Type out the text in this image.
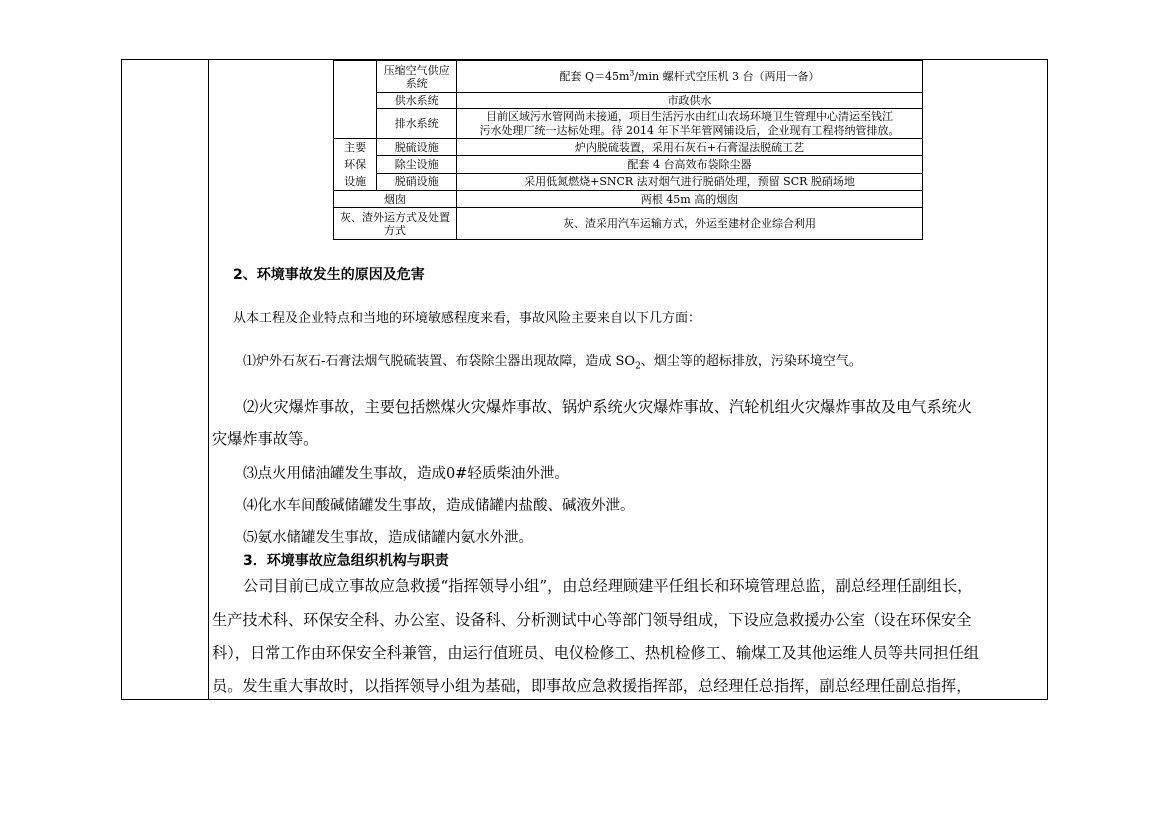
	压缩空气供应系统	配套 $Q=45m^3/\min$ 螺杆式空压机 3 台（两用一备）
	供水系统	市政供水
	排水系统	目前区域污水管网尚未接通，项目生活污水由红山农场环境卫生管理中心清运至钱江
污水处理厂统一达标处理。待 2014 年下半年管网铺设后，企业现有工程将纳管排放。

主要环保设施	脱硫设施	炉内脱硫装置，采用石灰石+石膏湿法脱硫工艺
	除尘设施	配套 4 台高效布袋除尘器
	脱硝设施	采用低氮燃烧+SNCR 法对烟气进行脱硝处理，预留 SCR 脱硝场地
烟囱		两根 45m 高的烟囱
灰、渣外运方式及处置方式		灰、渣采用汽车运输方式，外运至建材企业综合利用
2、环境事故发生的原因及危害
从本工程及企业特点和当地的环境敏感程度来看，事故风险主要来自以下几方面：
⑴炉外石灰石-石膏法烟气脱硫装置、布袋除尘器出现故障，造成 $SO_2$、烟尘等的超标排放，污染环境空气。
⑵火灾爆炸事故，主要包括燃煤火灾爆炸事故、锅炉系统火灾爆炸事故、汽轮机组火灾爆炸事故及电气系统火
灾爆炸事故等。
⑶点火用储油罐发生事故，造成0#轻质柴油外泄。
⑷化水车间酸碱储罐发生事故，造成储罐内盐酸、碱液外泄。
⑸氨水储罐发生事故，造成储罐内氨水外泄。
3．环境事故应急组织机构与职责
公司目前已成立事故应急救援“指挥领导小组”，由总经理顾建平任组长和环境管理总监，副总经理任副组长，
生产技术科、环保安全科、办公室、设备科、分析测试中心等部门领导组成，下设应急救援办公室（设在环保安全
科），日常工作由环保安全科兼管，由运行值班员、电仪检修工、热机检修工、输煤工及其他运维人员等共同担任组
员。发生重大事故时，以指挥领导小组为基础，即事故应急救援指挥部，总经理任总指挥，副总经理任副总指挥，
